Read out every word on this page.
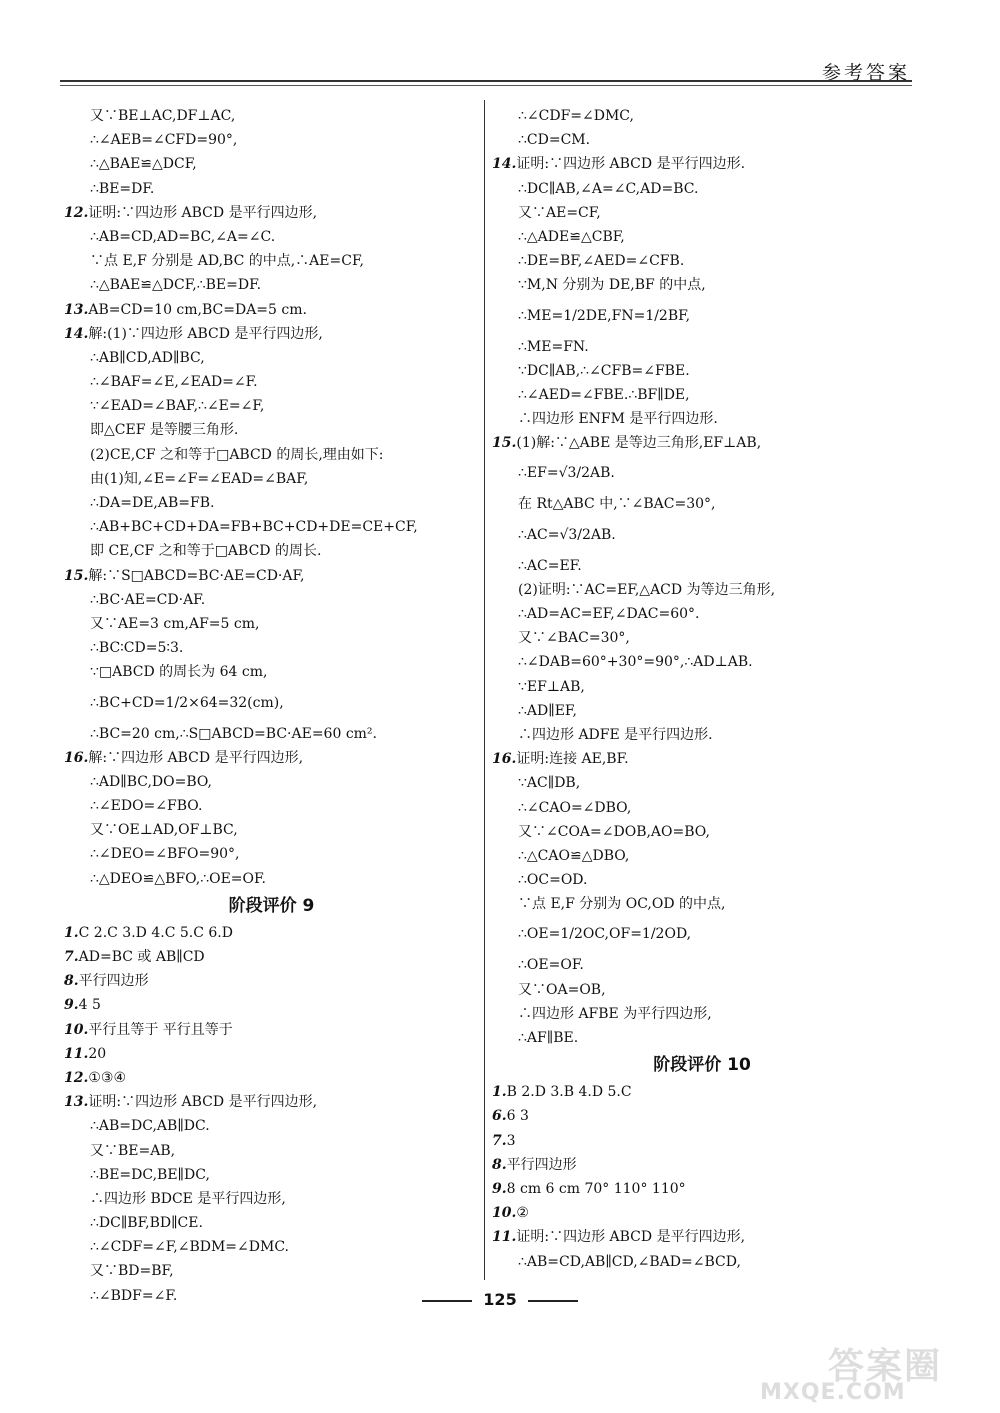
参考答案
又∵BE⊥AC,DF⊥AC,
∴∠AEB=∠CFD=90°,
∴△BAE≌△DCF,
∴BE=DF.
12.证明:∵四边形 ABCD 是平行四边形,
∴AB=CD,AD=BC,∠A=∠C.
∵点 E,F 分别是 AD,BC 的中点,∴AE=CF,
∴△BAE≌△DCF,∴BE=DF.
13.AB=CD=10 cm,BC=DA=5 cm.
14.解:(1)∵四边形 ABCD 是平行四边形,
∴AB∥CD,AD∥BC,
∴∠BAF=∠E,∠EAD=∠F.
∵∠EAD=∠BAF,∴∠E=∠F,
即△CEF 是等腰三角形.
(2)CE,CF 之和等于□ABCD 的周长,理由如下:
由(1)知,∠E=∠F=∠EAD=∠BAF,
∴DA=DE,AB=FB.
∴AB+BC+CD+DA=FB+BC+CD+DE=CE+CF,
即 CE,CF 之和等于□ABCD 的周长.
15.解:∵S□ABCD=BC·AE=CD·AF,
∴BC·AE=CD·AF.
又∵AE=3 cm,AF=5 cm,
∴BC∶CD=5∶3.
∵□ABCD 的周长为 64 cm,
∴BC+CD=1/2×64=32(cm),
∴BC=20 cm,∴S□ABCD=BC·AE=60 cm².
16.解:∵四边形 ABCD 是平行四边形,
∴AD∥BC,DO=BO,
∴∠EDO=∠FBO.
又∵OE⊥AD,OF⊥BC,
∴∠DEO=∠BFO=90°,
∴△DEO≌△BFO,∴OE=OF.
阶段评价 9
1.C 2.C 3.D 4.C 5.C 6.D
7.AD=BC 或 AB∥CD
8.平行四边形
9.4 5
10.平行且等于 平行且等于
11.20
12.①③④
13.证明:∵四边形 ABCD 是平行四边形,
∴AB=DC,AB∥DC.
又∵BE=AB,
∴BE=DC,BE∥DC,
∴四边形 BDCE 是平行四边形,
∴DC∥BF,BD∥CE.
∴∠CDF=∠F,∠BDM=∠DMC.
又∵BD=BF,
∴∠BDF=∠F.
∴∠CDF=∠DMC,
∴CD=CM.
14.证明:∵四边形 ABCD 是平行四边形.
∴DC∥AB,∠A=∠C,AD=BC.
又∵AE=CF,
∴△ADE≌△CBF,
∴DE=BF,∠AED=∠CFB.
∵M,N 分别为 DE,BF 的中点,
∴ME=1/2DE,FN=1/2BF,
∴ME=FN.
∵DC∥AB,∴∠CFB=∠FBE.
∴∠AED=∠FBE.∴BF∥DE,
∴四边形 ENFM 是平行四边形.
15.(1)解:∵△ABE 是等边三角形,EF⊥AB,
∴EF=√3/2AB.
在 Rt△ABC 中,∵∠BAC=30°,
∴AC=√3/2AB.
∴AC=EF.
(2)证明:∵AC=EF,△ACD 为等边三角形,
∴AD=AC=EF,∠DAC=60°.
又∵∠BAC=30°,
∴∠DAB=60°+30°=90°,∴AD⊥AB.
∵EF⊥AB,
∴AD∥EF,
∴四边形 ADFE 是平行四边形.
16.证明:连接 AE,BF.
∵AC∥DB,
∴∠CAO=∠DBO,
又∵∠COA=∠DOB,AO=BO,
∴△CAO≌△DBO,
∴OC=OD.
∵点 E,F 分别为 OC,OD 的中点,
∴OE=1/2OC,OF=1/2OD,
∴OE=OF.
又∵OA=OB,
∴四边形 AFBE 为平行四边形,
∴AF∥BE.
阶段评价 10
1.B 2.D 3.B 4.D 5.C
6.6 3
7.3
8.平行四边形
9.8 cm 6 cm 70° 110° 110°
10.②
11.证明:∵四边形 ABCD 是平行四边形,
∴AB=CD,AB∥CD,∠BAD=∠BCD,
125
答案圈
MXQE.COM
